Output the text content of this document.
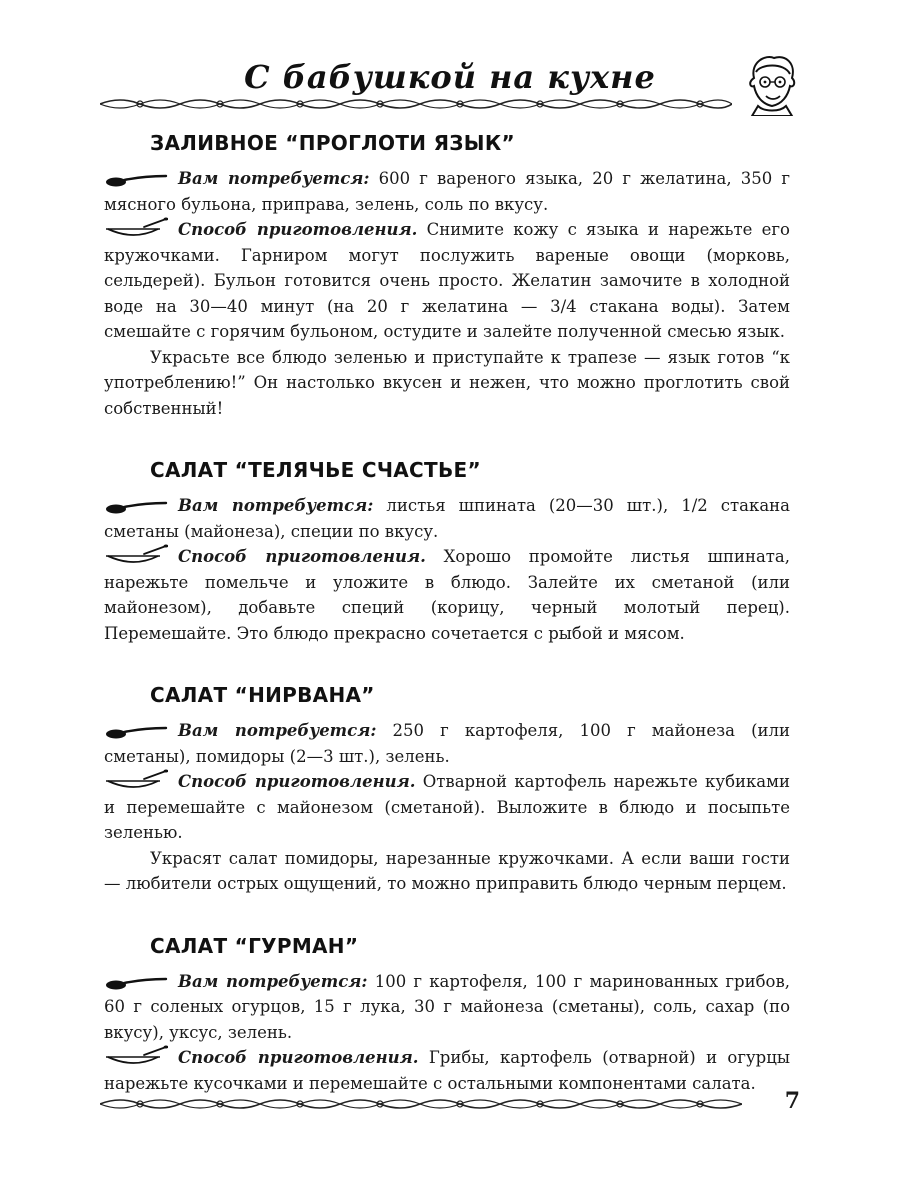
С бабушкой на кухне
ЗАЛИВНОЕ “ПРОГЛОТИ ЯЗЫК”

Вам потребуется: 600 г вареного языка, 20 г желатина, 350 г мясного бульона, приправа, зелень, соль по вкусу.

Способ приготовления. Снимите кожу с языка и нарежьте его кружочками. Гарниром могут послужить вареные овощи (морковь, сельдерей). Бульон готовится очень просто. Желатин замочите в холодной воде на 30—40 минут (на 20 г желатина — 3/4 стакана воды). Затем смешайте с горячим бульоном, остудите и залейте полученной смесью язык.

Украсьте все блюдо зеленью и приступайте к трапезе — язык готов “к употреблению!” Он настолько вкусен и нежен, что можно проглотить свой собственный!

САЛАТ “ТЕЛЯЧЬЕ СЧАСТЬЕ”

Вам потребуется: листья шпината (20—30 шт.), 1/2 стакана сметаны (майонеза), специи по вкусу.

Способ приготовления. Хорошо промойте листья шпината, нарежьте помельче и уложите в блюдо. Залейте их сметаной (или майонезом), добавьте специй (корицу, черный молотый перец). Перемешайте. Это блюдо прекрасно сочетается с рыбой и мясом.

САЛАТ “НИРВАНА”

Вам потребуется: 250 г картофеля, 100 г майонеза (или сметаны), помидоры (2—3 шт.), зелень.

Способ приготовления. Отварной картофель нарежьте кубиками и перемешайте с майонезом (сметаной). Выложите в блюдо и посыпьте зеленью.

Украсят салат помидоры, нарезанные кружочками. А если ваши гости — любители острых ощущений, то можно приправить блюдо черным перцем.

САЛАТ “ГУРМАН”

Вам потребуется: 100 г картофеля, 100 г маринованных грибов, 60 г соленых огурцов, 15 г лука, 30 г майонеза (сметаны), соль, сахар (по вкусу), уксус, зелень.

Способ приготовления. Грибы, картофель (отварной) и огурцы нарежьте кусочками и перемешайте с остальными компонентами салата.

7
